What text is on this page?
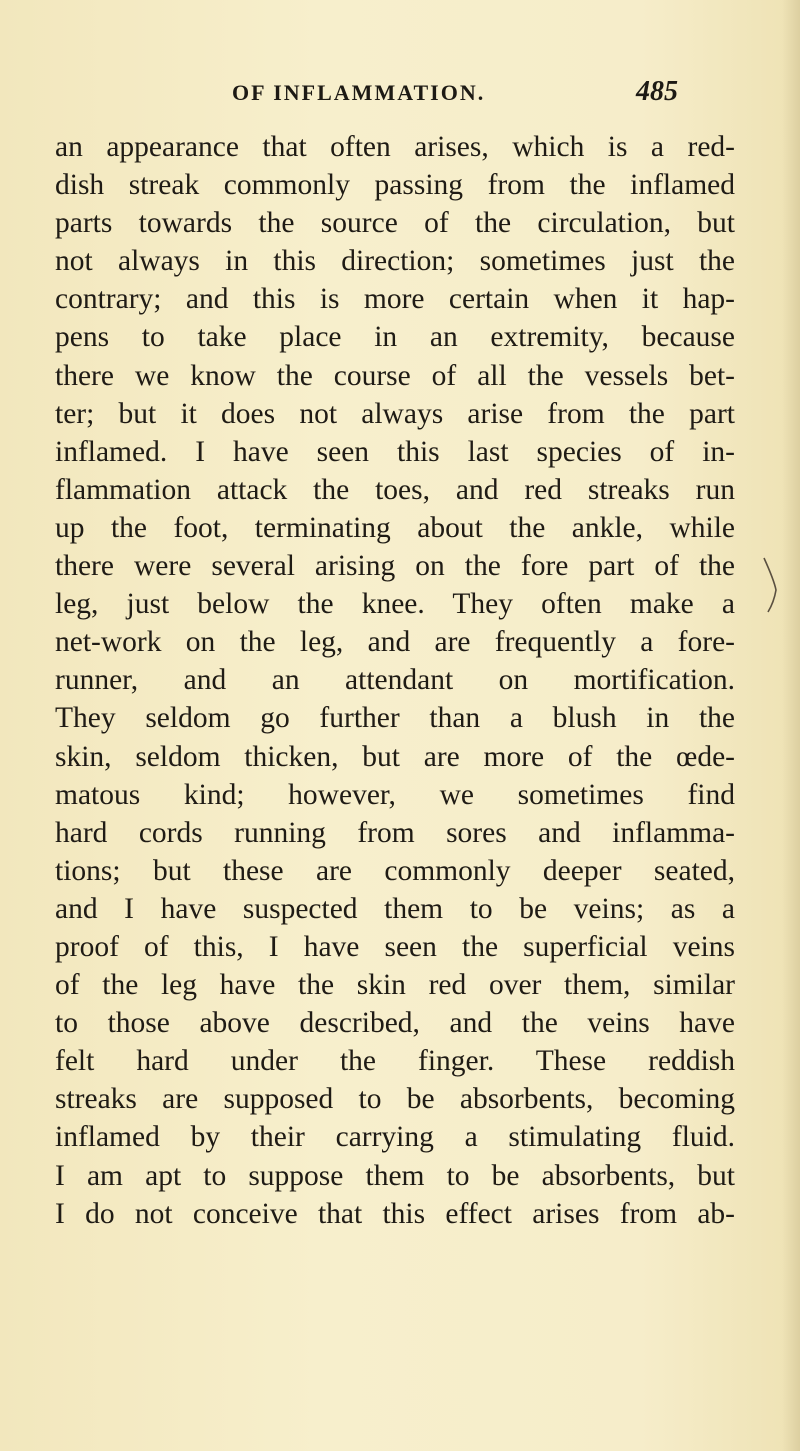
OF INFLAMMATION.	485
an appearance that often arises, which is a red-
dish streak commonly passing from the inflamed
parts towards the source of the circulation, but
not always in this direction; sometimes just the
contrary; and this is more certain when it hap-
pens to take place in an extremity, because
there we know the course of all the vessels bet-
ter; but it does not always arise from the part
inflamed. I have seen this last species of in-
flammation attack the toes, and red streaks run
up the foot, terminating about the ankle, while
there were several arising on the fore part of the
leg, just below the knee. They often make a
net-work on the leg, and are frequently a fore-
runner, and an attendant on mortification.
They seldom go further than a blush in the
skin, seldom thicken, but are more of the œde-
matous kind; however, we sometimes find
hard cords running from sores and inflamma-
tions; but these are commonly deeper seated,
and I have suspected them to be veins; as a
proof of this, I have seen the superficial veins
of the leg have the skin red over them, similar
to those above described, and the veins have
felt hard under the finger. These reddish
streaks are supposed to be absorbents, becoming
inflamed by their carrying a stimulating fluid.
I am apt to suppose them to be absorbents, but
I do not conceive that this effect arises from ab-
